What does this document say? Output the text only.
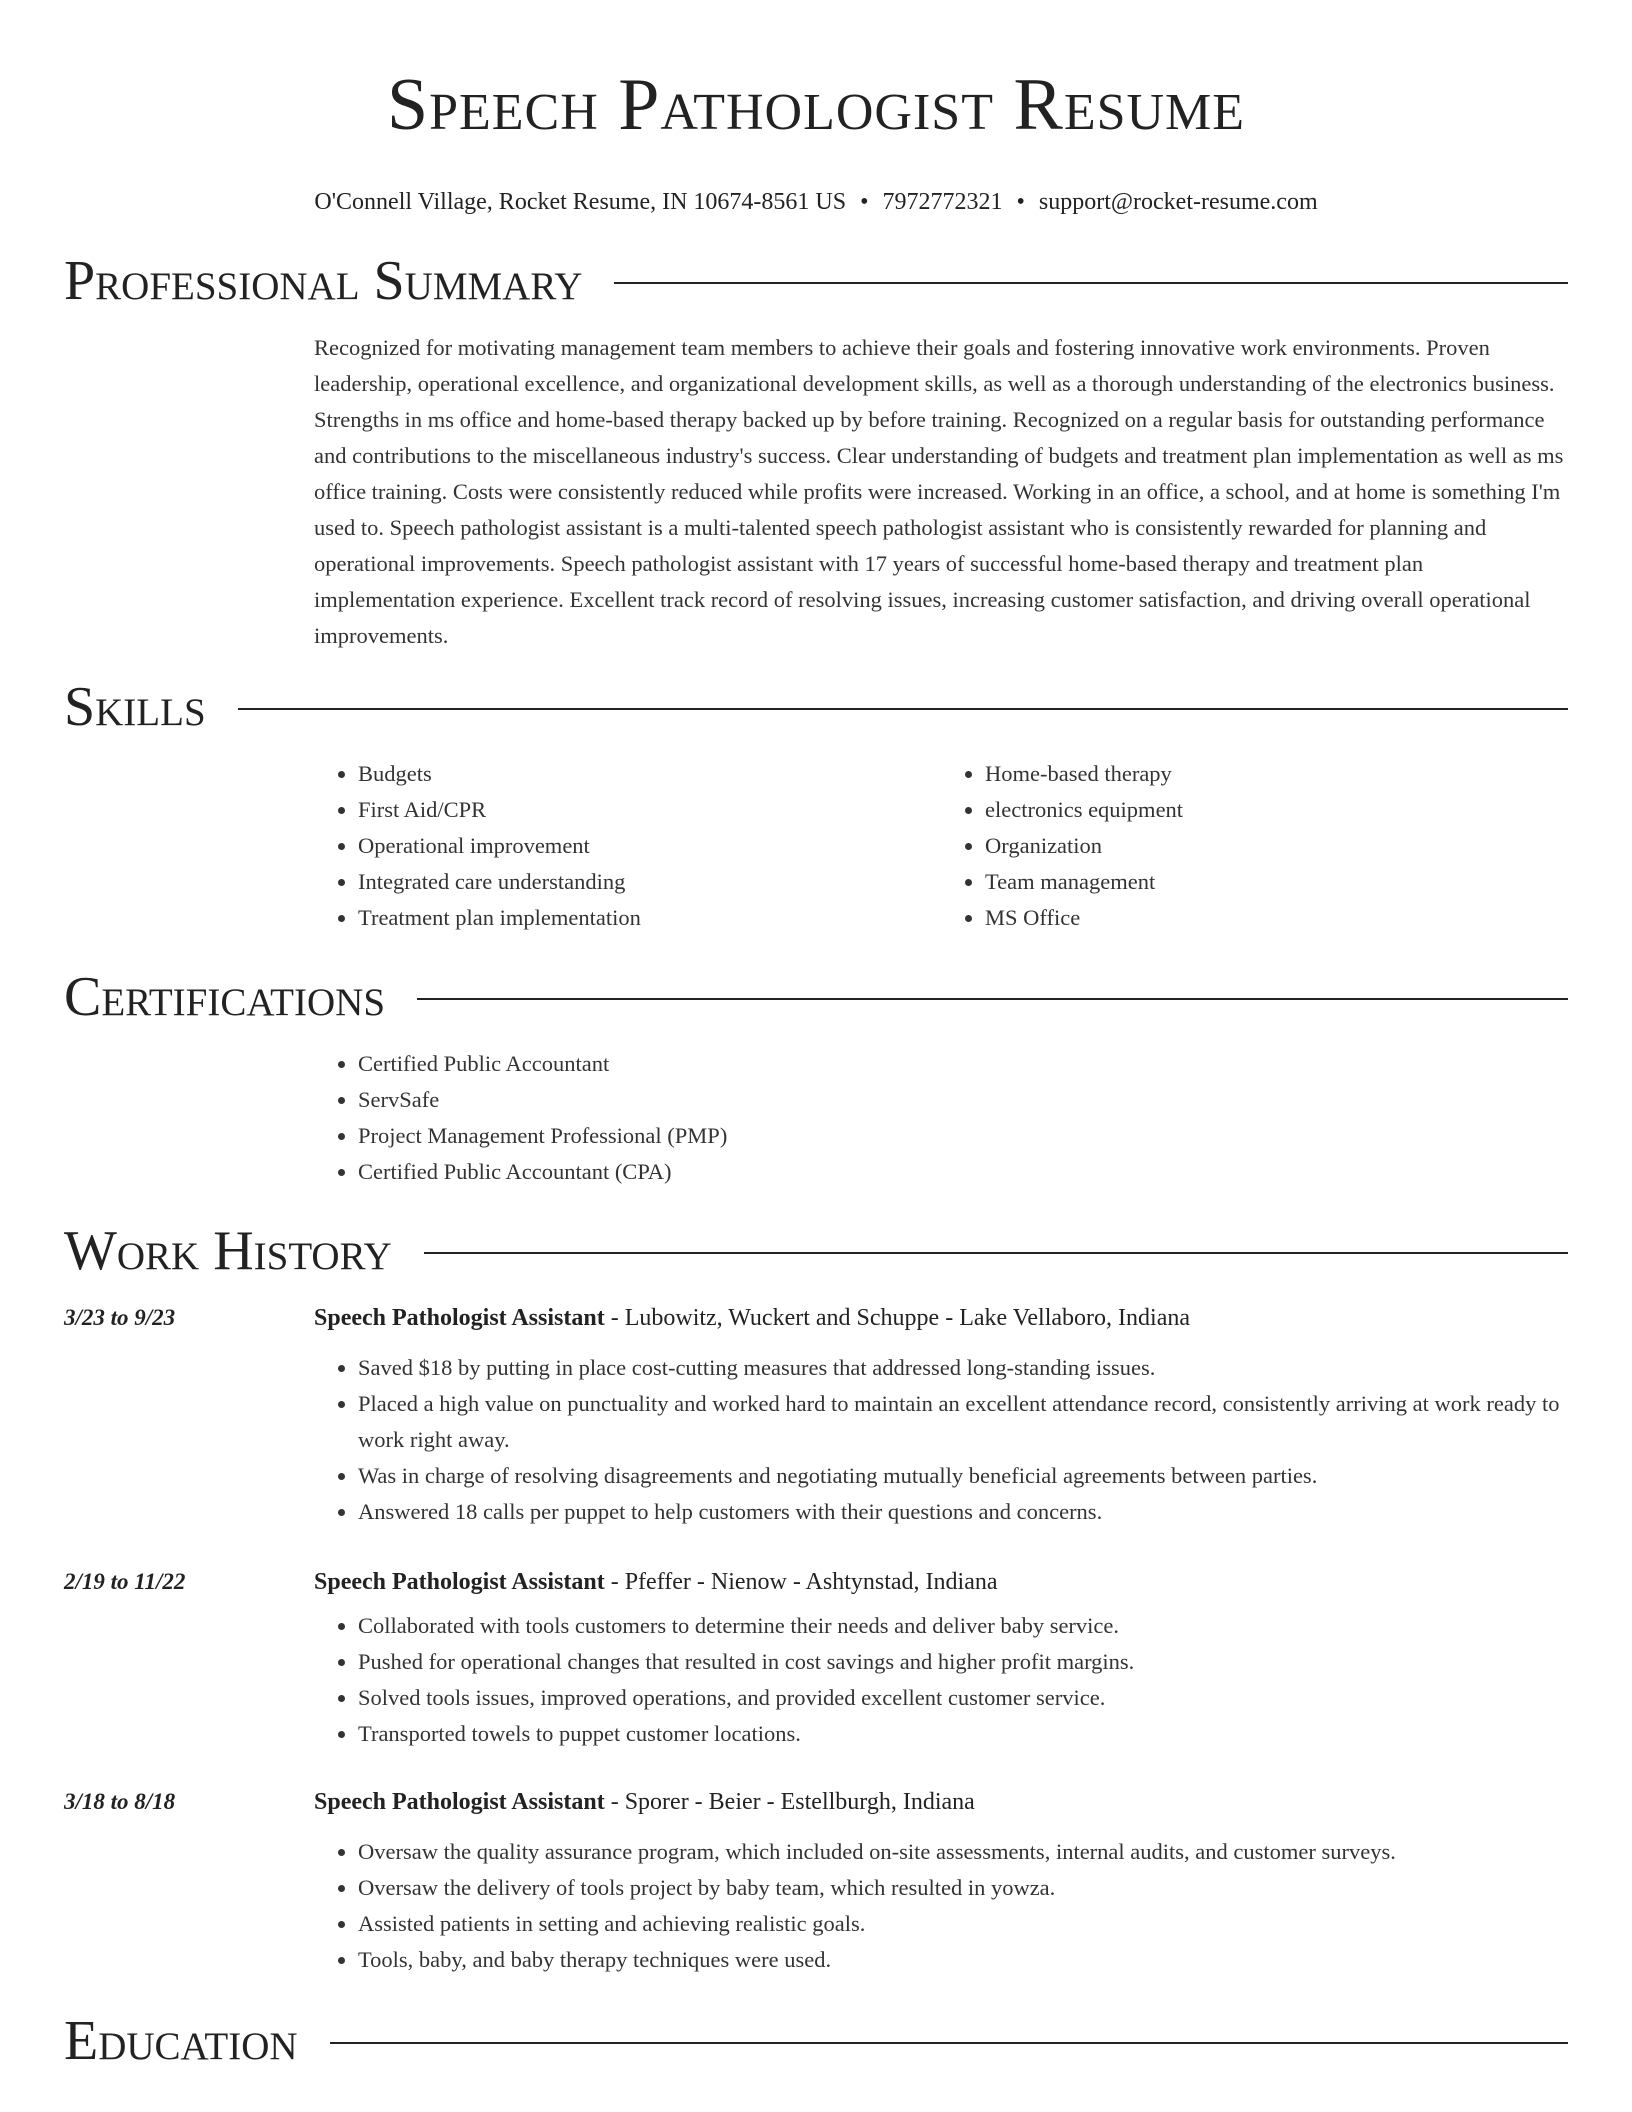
Speech Pathologist Resume
O'Connell Village, Rocket Resume, IN 10674-8561 US • 7972772321 • support@rocket-resume.com
Professional Summary
Recognized for motivating management team members to achieve their goals and fostering innovative work environments. Proven leadership, operational excellence, and organizational development skills, as well as a thorough understanding of the electronics business. Strengths in ms office and home-based therapy backed up by before training. Recognized on a regular basis for outstanding performance and contributions to the miscellaneous industry's success. Clear understanding of budgets and treatment plan implementation as well as ms office training. Costs were consistently reduced while profits were increased. Working in an office, a school, and at home is something I'm used to. Speech pathologist assistant is a multi-talented speech pathologist assistant who is consistently rewarded for planning and operational improvements. Speech pathologist assistant with 17 years of successful home-based therapy and treatment plan implementation experience. Excellent track record of resolving issues, increasing customer satisfaction, and driving overall operational improvements.
Skills
• Budgets
• First Aid/CPR
• Operational improvement
• Integrated care understanding
• Treatment plan implementation
• Home-based therapy
• electronics equipment
• Organization
• Team management
• MS Office
Certifications
• Certified Public Accountant
• ServSafe
• Project Management Professional (PMP)
• Certified Public Accountant (CPA)
Work History
3/23 to 9/23	Speech Pathologist Assistant - Lubowitz, Wuckert and Schuppe - Lake Vellaboro, Indiana
• Saved $18 by putting in place cost-cutting measures that addressed long-standing issues.
• Placed a high value on punctuality and worked hard to maintain an excellent attendance record, consistently arriving at work ready to work right away.
• Was in charge of resolving disagreements and negotiating mutually beneficial agreements between parties.
• Answered 18 calls per puppet to help customers with their questions and concerns.
2/19 to 11/22	Speech Pathologist Assistant - Pfeffer - Nienow - Ashtynstad, Indiana
• Collaborated with tools customers to determine their needs and deliver baby service.
• Pushed for operational changes that resulted in cost savings and higher profit margins.
• Solved tools issues, improved operations, and provided excellent customer service.
• Transported towels to puppet customer locations.
3/18 to 8/18	Speech Pathologist Assistant - Sporer - Beier - Estellburgh, Indiana
• Oversaw the quality assurance program, which included on-site assessments, internal audits, and customer surveys.
• Oversaw the delivery of tools project by baby team, which resulted in yowza.
• Assisted patients in setting and achieving realistic goals.
• Tools, baby, and baby therapy techniques were used.
Education
